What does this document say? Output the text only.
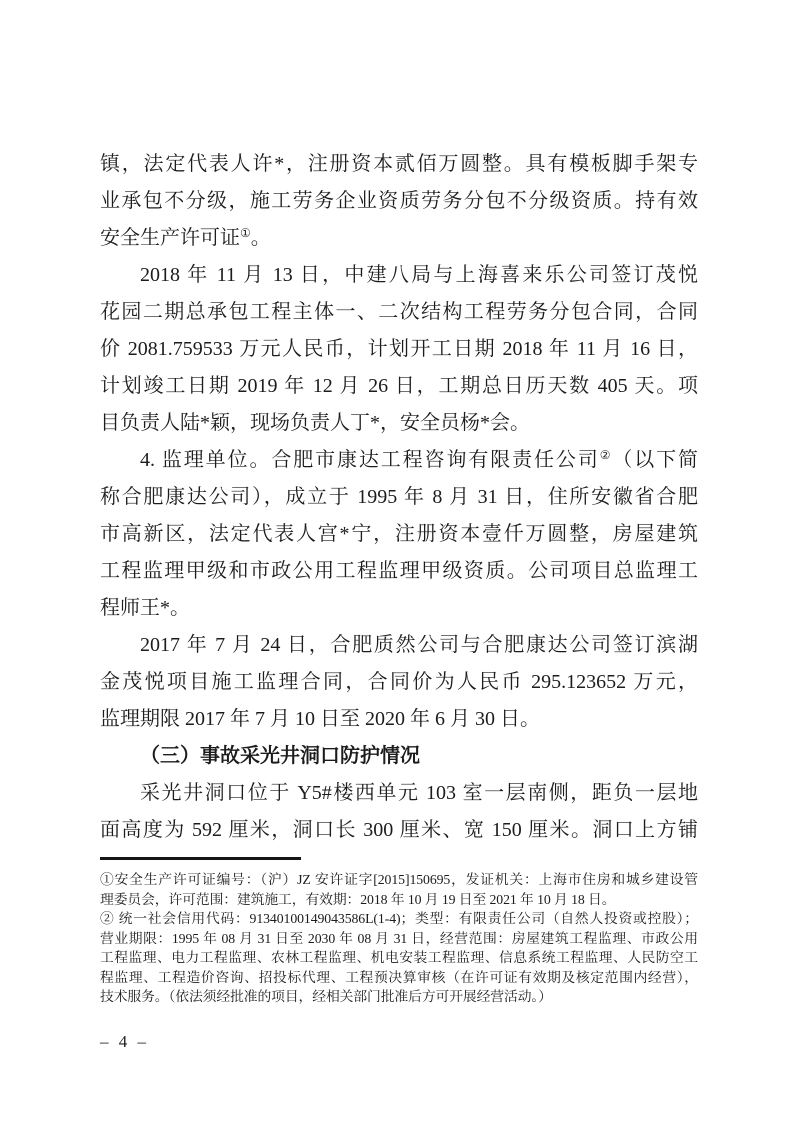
镇，法定代表人许*，注册资本贰佰万圆整。具有模板脚手架专
业承包不分级，施工劳务企业资质劳务分包不分级资质。持有效
安全生产许可证①。
2018 年 11 月 13 日，中建八局与上海喜来乐公司签订茂悦
花园二期总承包工程主体一、二次结构工程劳务分包合同，合同
价 2081.759533 万元人民币，计划开工日期 2018 年 11 月 16 日，
计划竣工日期 2019 年 12 月 26 日，工期总日历天数 405 天。项
目负责人陆*颖，现场负责人丁*，安全员杨*会。
4. 监理单位。合肥市康达工程咨询有限责任公司②（以下简
称合肥康达公司），成立于 1995 年 8 月 31 日，住所安徽省合肥
市高新区，法定代表人宫*宁，注册资本壹仟万圆整，房屋建筑
工程监理甲级和市政公用工程监理甲级资质。公司项目总监理工
程师王*。
2017 年 7 月 24 日，合肥质然公司与合肥康达公司签订滨湖
金茂悦项目施工监理合同，合同价为人民币 295.123652 万元，
监理期限 2017 年 7 月 10 日至 2020 年 6 月 30 日。
（三）事故采光井洞口防护情况
采光井洞口位于 Y5#楼西单元 103 室一层南侧，距负一层地
面高度为 592 厘米，洞口长 300 厘米、宽 150 厘米。洞口上方铺
①安全生产许可证编号：（沪）JZ 安许证字[2015]150695，发证机关：上海市住房和城乡建设管
理委员会，许可范围：建筑施工，有效期：2018 年 10 月 19 日至 2021 年 10 月 18 日。
② 统一社会信用代码：91340100149043586L(1-4)；类型：有限责任公司（自然人投资或控股）；
营业期限：1995 年 08 月 31 日至 2030 年 08 月 31 日，经营范围：房屋建筑工程监理、市政公用
工程监理、电力工程监理、农林工程监理、机电安装工程监理、信息系统工程监理、人民防空工
程监理、工程造价咨询、招投标代理、工程预决算审核（在许可证有效期及核定范围内经营），
技术服务。（依法须经批准的项目，经相关部门批准后方可开展经营活动。）
– 4 –
